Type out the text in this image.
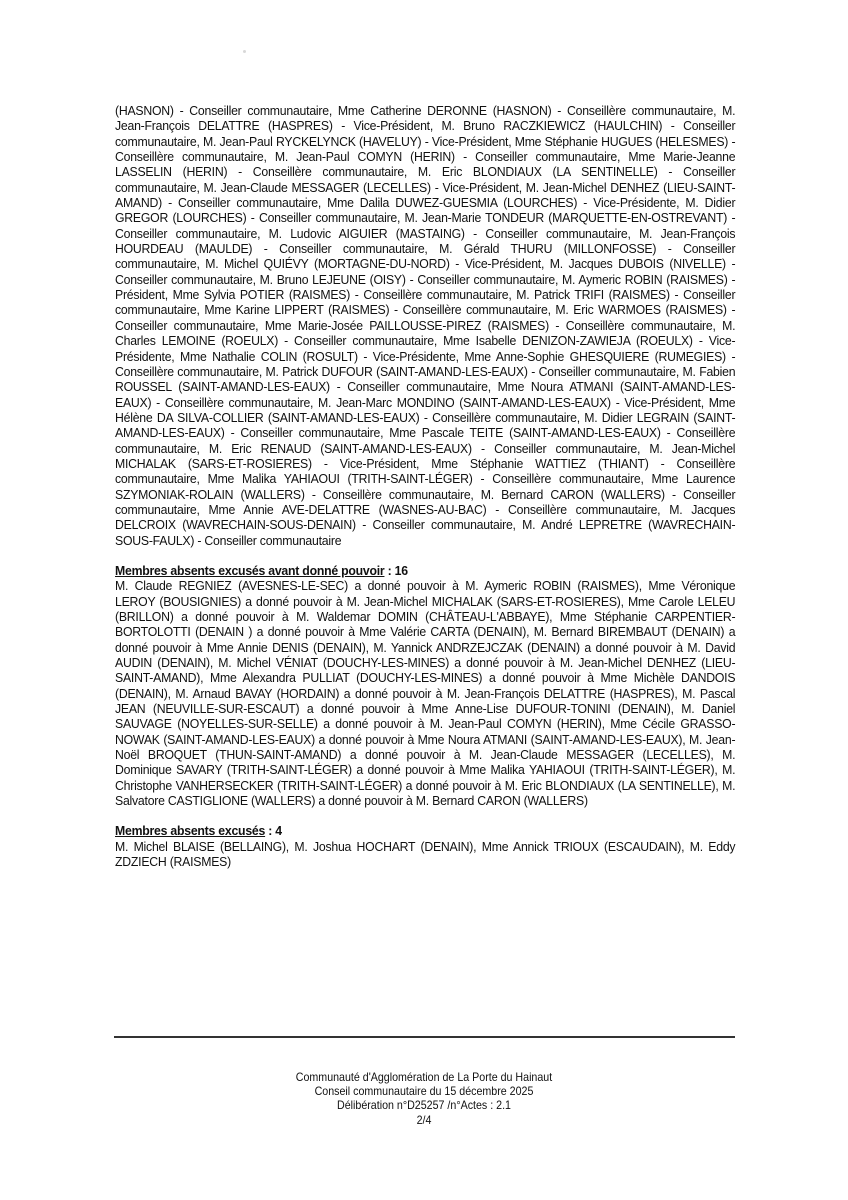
(HASNON) - Conseiller communautaire, Mme Catherine DERONNE (HASNON) - Conseillère communautaire, M. Jean-François DELATTRE (HASPRES) - Vice-Président, M. Bruno RACZKIEWICZ (HAULCHIN) - Conseiller communautaire, M. Jean-Paul RYCKELYNCK (HAVELUY) - Vice-Président, Mme Stéphanie HUGUES (HELESMES) - Conseillère communautaire, M. Jean-Paul COMYN (HERIN) - Conseiller communautaire, Mme Marie-Jeanne LASSELIN (HERIN) - Conseillère communautaire, M. Eric BLONDIAUX (LA SENTINELLE) - Conseiller communautaire, M. Jean-Claude MESSAGER (LECELLES) - Vice-Président, M. Jean-Michel DENHEZ (LIEU-SAINT-AMAND) - Conseiller communautaire, Mme Dalila DUWEZ-GUESMIA (LOURCHES) - Vice-Présidente, M. Didier GREGOR (LOURCHES) - Conseiller communautaire, M. Jean-Marie TONDEUR (MARQUETTE-EN-OSTREVANT) - Conseiller communautaire, M. Ludovic AIGUIER (MASTAING) - Conseiller communautaire, M. Jean-François HOURDEAU (MAULDE) - Conseiller communautaire, M. Gérald THURU (MILLONFOSSE) - Conseiller communautaire, M. Michel QUIÉVY (MORTAGNE-DU-NORD) - Vice-Président, M. Jacques DUBOIS (NIVELLE) - Conseiller communautaire, M. Bruno LEJEUNE (OISY) - Conseiller communautaire, M. Aymeric ROBIN (RAISMES) - Président, Mme Sylvia POTIER (RAISMES) - Conseillère communautaire, M. Patrick TRIFI (RAISMES) - Conseiller communautaire, Mme Karine LIPPERT (RAISMES) - Conseillère communautaire, M. Eric WARMOES (RAISMES) - Conseiller communautaire, Mme Marie-Josée PAILLOUSSE-PIREZ (RAISMES) - Conseillère communautaire, M. Charles LEMOINE (ROEULX) - Conseiller communautaire, Mme Isabelle DENIZON-ZAWIEJA (ROEULX) - Vice-Présidente, Mme Nathalie COLIN (ROSULT) - Vice-Présidente, Mme Anne-Sophie GHESQUIERE (RUMEGIES) - Conseillère communautaire, M. Patrick DUFOUR (SAINT-AMAND-LES-EAUX) - Conseiller communautaire, M. Fabien ROUSSEL (SAINT-AMAND-LES-EAUX) - Conseiller communautaire, Mme Noura ATMANI (SAINT-AMAND-LES-EAUX) - Conseillère communautaire, M. Jean-Marc MONDINO (SAINT-AMAND-LES-EAUX) - Vice-Président, Mme Hélène DA SILVA-COLLIER (SAINT-AMAND-LES-EAUX) - Conseillère communautaire, M. Didier LEGRAIN (SAINT-AMAND-LES-EAUX) - Conseiller communautaire, Mme Pascale TEITE (SAINT-AMAND-LES-EAUX) - Conseillère communautaire, M. Eric RENAUD (SAINT-AMAND-LES-EAUX) - Conseiller communautaire, M. Jean-Michel MICHALAK (SARS-ET-ROSIERES) - Vice-Président, Mme Stéphanie WATTIEZ (THIANT) - Conseillère communautaire, Mme Malika YAHIAOUI (TRITH-SAINT-LÉGER) - Conseillère communautaire, Mme Laurence SZYMONIAK-ROLAIN (WALLERS) - Conseillère communautaire, M. Bernard CARON (WALLERS) - Conseiller communautaire, Mme Annie AVE-DELATTRE (WASNES-AU-BAC) - Conseillère communautaire, M. Jacques DELCROIX (WAVRECHAIN-SOUS-DENAIN) - Conseiller communautaire, M. André LEPRETRE (WAVRECHAIN-SOUS-FAULX) - Conseiller communautaire

Membres absents excusés avant donné pouvoir : 16

M. Claude REGNIEZ (AVESNES-LE-SEC) a donné pouvoir à M. Aymeric ROBIN (RAISMES), Mme Véronique LEROY (BOUSIGNIES) a donné pouvoir à M. Jean-Michel MICHALAK (SARS-ET-ROSIERES), Mme Carole LELEU (BRILLON) a donné pouvoir à M. Waldemar DOMIN (CHÂTEAU-L'ABBAYE), Mme Stéphanie CARPENTIER-BORTOLOTTI (DENAIN ) a donné pouvoir à Mme Valérie CARTA (DENAIN), M. Bernard BIREMBAUT (DENAIN) a donné pouvoir à Mme Annie DENIS (DENAIN), M. Yannick ANDRZEJCZAK (DENAIN) a donné pouvoir à M. David AUDIN (DENAIN), M. Michel VÉNIAT (DOUCHY-LES-MINES) a donné pouvoir à M. Jean-Michel DENHEZ (LIEU-SAINT-AMAND), Mme Alexandra PULLIAT (DOUCHY-LES-MINES) a donné pouvoir à Mme Michèle DANDOIS (DENAIN), M. Arnaud BAVAY (HORDAIN) a donné pouvoir à M. Jean-François DELATTRE (HASPRES), M. Pascal JEAN (NEUVILLE-SUR-ESCAUT) a donné pouvoir à Mme Anne-Lise DUFOUR-TONINI (DENAIN), M. Daniel SAUVAGE (NOYELLES-SUR-SELLE) a donné pouvoir à M. Jean-Paul COMYN (HERIN), Mme Cécile GRASSO-NOWAK (SAINT-AMAND-LES-EAUX) a donné pouvoir à Mme Noura ATMANI (SAINT-AMAND-LES-EAUX), M. Jean-Noël BROQUET (THUN-SAINT-AMAND) a donné pouvoir à M. Jean-Claude MESSAGER (LECELLES), M. Dominique SAVARY (TRITH-SAINT-LÉGER) a donné pouvoir à Mme Malika YAHIAOUI (TRITH-SAINT-LÉGER), M. Christophe VANHERSECKER (TRITH-SAINT-LÉGER) a donné pouvoir à M. Eric BLONDIAUX (LA SENTINELLE), M. Salvatore CASTIGLIONE (WALLERS) a donné pouvoir à M. Bernard CARON (WALLERS)

Membres absents excusés : 4

M. Michel BLAISE (BELLAING), M. Joshua HOCHART (DENAIN), Mme Annick TRIOUX (ESCAUDAIN), M. Eddy ZDZIECH (RAISMES)

Communauté d'Agglomération de La Porte du Hainaut
Conseil communautaire du 15 décembre 2025
Délibération n°D25257 /n°Actes : 2.1
2/4
